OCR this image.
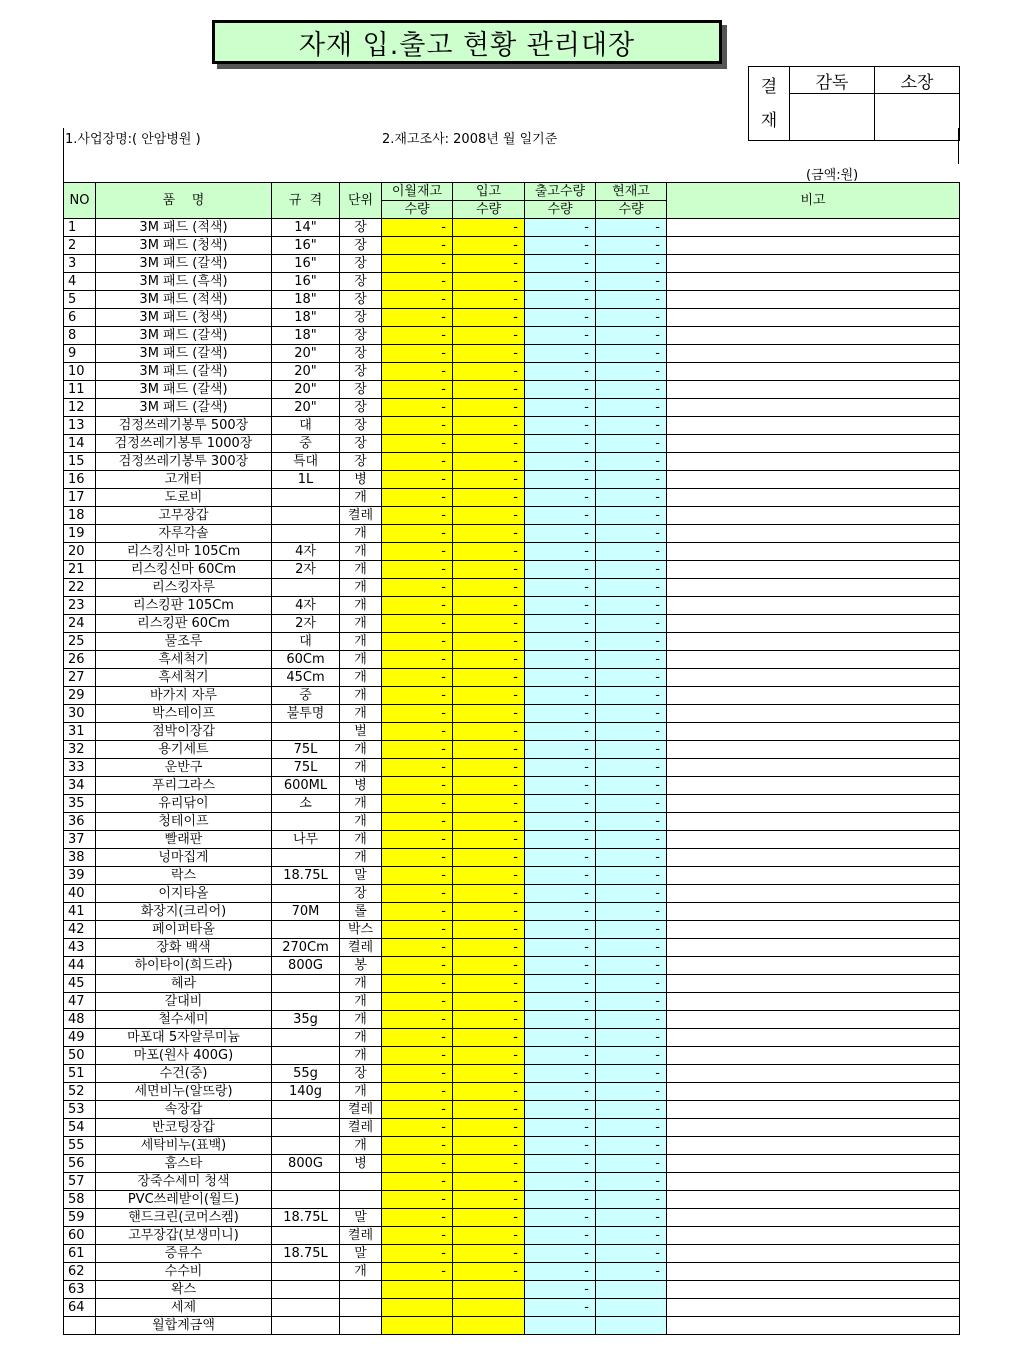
자재 입.출고 현황 관리대장
결
재	감독	소장

1.사업장명:( 안암병원 )	2.재고조사: 2008년 월 일기준
(금액:원)
NO	품    명	규  격	단위	이월재고	입고	출고수량	현재고	비고
				수량	수량	수량	수량	
1	3M 패드 (적색)	14"	장	-	-	-	-	
2	3M 패드 (청색)	16"	장	-	-	-	-	
3	3M 패드 (갈색)	16"	장	-	-	-	-	
4	3M 패드 (흑색)	16"	장	-	-	-	-	
5	3M 패드 (적색)	18"	장	-	-	-	-	
6	3M 패드 (청색)	18"	장	-	-	-	-	
8	3M 패드 (갈색)	18"	장	-	-	-	-	
9	3M 패드 (갈색)	20"	장	-	-	-	-	
10	3M 패드 (갈색)	20"	장	-	-	-	-	
11	3M 패드 (갈색)	20"	장	-	-	-	-	
12	3M 패드 (갈색)	20"	장	-	-	-	-	
13	검정쓰레기봉투 500장	대	장	-	-	-	-	
14	검정쓰레기봉투 1000장	중	장	-	-	-	-	
15	검정쓰레기봉투 300장	특대	장	-	-	-	-	
16	고개터	1L	병	-	-	-	-	
17	도로비		개	-	-	-	-	
18	고무장갑		켤레	-	-	-	-	
19	자루각솔		개	-	-	-	-	
20	리스킹신마 105Cm	4자	개	-	-	-	-	
21	리스킹신마 60Cm	2자	개	-	-	-	-	
22	리스킹자루		개	-	-	-	-	
23	리스킹판 105Cm	4자	개	-	-	-	-	
24	리스킹판 60Cm	2자	개	-	-	-	-	
25	물조루	대	개	-	-	-	-	
26	흑세척기	60Cm	개	-	-	-	-	
27	흑세척기	45Cm	개	-	-	-	-	
29	바가지 자루	중	개	-	-	-	-	
30	박스테이프	불투명	개	-	-	-	-	
31	점박이장갑		벌	-	-	-	-	
32	용기세트	75L	개	-	-	-	-	
33	운반구	75L	개	-	-	-	-	
34	푸리그라스	600ML	병	-	-	-	-	
35	유리닦이	소	개	-	-	-	-	
36	청테이프		개	-	-	-	-	
37	빨래판	나무	개	-	-	-	-	
38	넝마집게		개	-	-	-	-	
39	락스	18.75L	말	-	-	-	-	
40	이지타올		장	-	-	-	-	
41	화장지(크리어)	70M	롤	-	-	-	-	
42	페이퍼타올		박스	-	-	-	-	
43	장화 백색	270Cm	켤레	-	-	-	-	
44	하이타이(희드라)	800G	봉	-	-	-	-	
45	헤라		개	-	-	-	-	
47	갈대비		개	-	-	-	-	
48	철수세미	35g	개	-	-	-	-	
49	마포대 5자알루미늄		개	-	-	-	-	
50	마포(원사 400G)		개	-	-	-	-	
51	수건(중)	55g	장	-	-	-	-	
52	세면비누(알뜨랑)	140g	개	-	-	-	-	
53	속장갑		켤레	-	-	-	-	
54	반코팅장갑		켤레	-	-	-	-	
55	세탁비누(표백)		개	-	-	-	-	
56	홈스타	800G	병	-	-	-	-	
57	장죽수세미 청색			-	-	-	-	
58	PVC쓰레받이(월드)			-	-	-	-	
59	핸드크린(코머스켐)	18.75L	말	-	-	-	-	
60	고무장갑(보생미니)		켤레	-	-	-	-	
61	증류수	18.75L	말	-	-	-	-	
62	수수비		개	-	-	-	-	
63	왁스					-		
64	세제					-		
	월합계금액							
